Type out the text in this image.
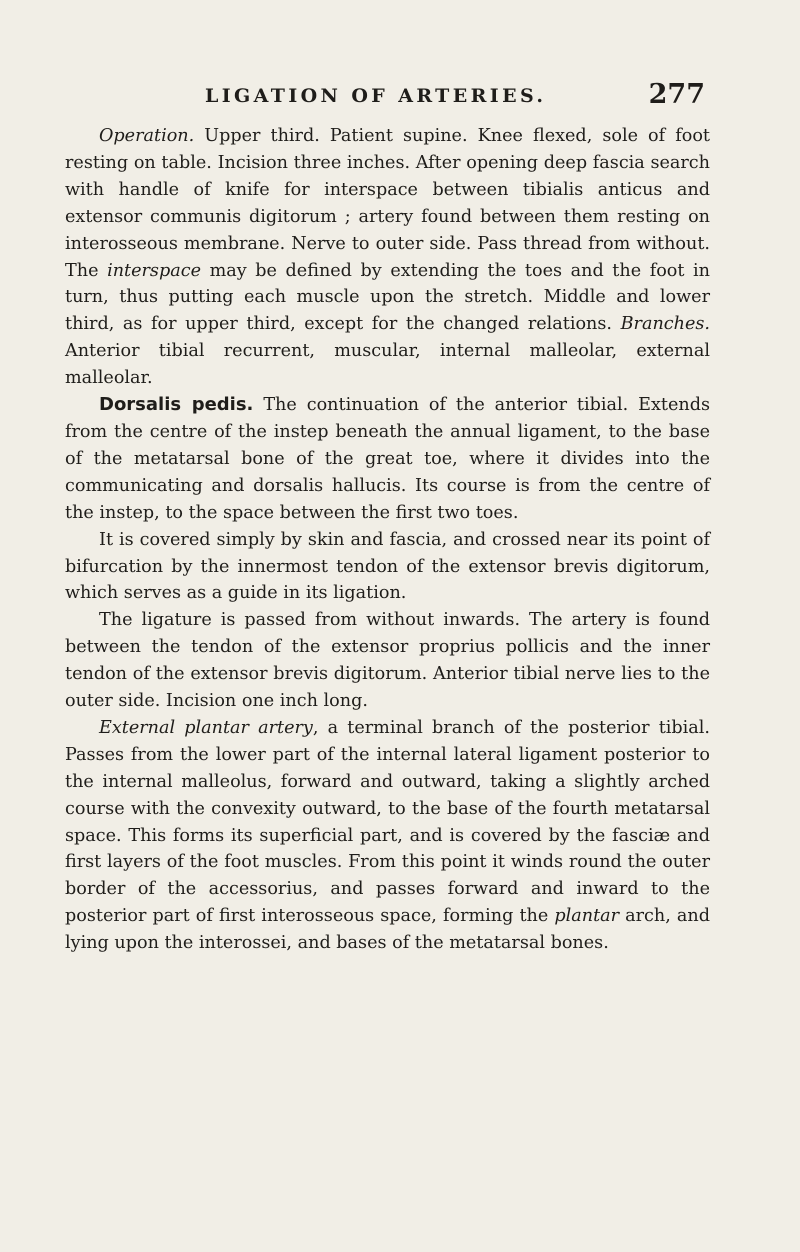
LIGATION OF ARTERIES.	277

Operation. Upper third. Patient supine. Knee flexed, sole of foot resting on table. Incision three inches. After opening deep fascia search with handle of knife for interspace between tibialis anticus and extensor communis digitorum ; artery found between them resting on interosseous membrane. Nerve to outer side. Pass thread from without. The interspace may be defined by extending the toes and the foot in turn, thus putting each muscle upon the stretch. Middle and lower third, as for upper third, except for the changed relations. Branches. Anterior tibial recurrent, muscular, internal malleolar, external malleolar.

Dorsalis pedis. The continuation of the anterior tibial. Extends from the centre of the instep beneath the annual ligament, to the base of the metatarsal bone of the great toe, where it divides into the communicating and dorsalis hallucis. Its course is from the centre of the instep, to the space between the first two toes.

It is covered simply by skin and fascia, and crossed near its point of bifurcation by the innermost tendon of the extensor brevis digitorum, which serves as a guide in its ligation.

The ligature is passed from without inwards. The artery is found between the tendon of the extensor proprius pollicis and the inner tendon of the extensor brevis digitorum. Anterior tibial nerve lies to the outer side. Incision one inch long.

External plantar artery, a terminal branch of the posterior tibial. Passes from the lower part of the internal lateral ligament posterior to the internal malleolus, forward and outward, taking a slightly arched course with the convexity outward, to the base of the fourth metatarsal space. This forms its superficial part, and is covered by the fasciæ and first layers of the foot muscles. From this point it winds round the outer border of the accessorius, and passes forward and inward to the posterior part of first interosseous space, forming the plantar arch, and lying upon the interossei, and bases of the metatarsal bones.
